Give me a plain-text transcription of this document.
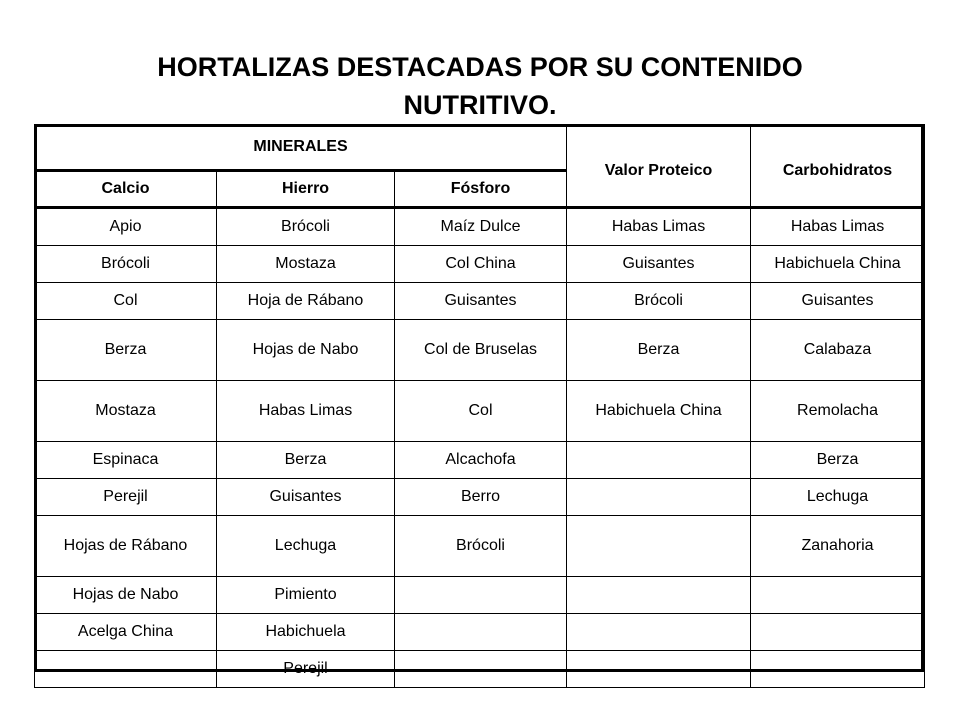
HORTALIZAS DESTACADAS POR SU CONTENIDO
NUTRITIVO.
MINERALES			Valor Proteico	Carbohidratos
Calcio	Hierro	Fósforo		
Apio	Brócoli	Maíz Dulce	Habas Limas	Habas Limas
Brócoli	Mostaza	Col China	Guisantes	Habichuela China
Col	Hoja de Rábano	Guisantes	Brócoli	Guisantes
Berza	Hojas de Nabo	Col de Bruselas	Berza	Calabaza
Mostaza	Habas Limas	Col	Habichuela China	Remolacha
Espinaca	Berza	Alcachofa		Berza
Perejil	Guisantes	Berro		Lechuga
Hojas de Rábano	Lechuga	Brócoli		Zanahoria
Hojas de Nabo	Pimiento			
Acelga China	Habichuela			
	Perejil			
